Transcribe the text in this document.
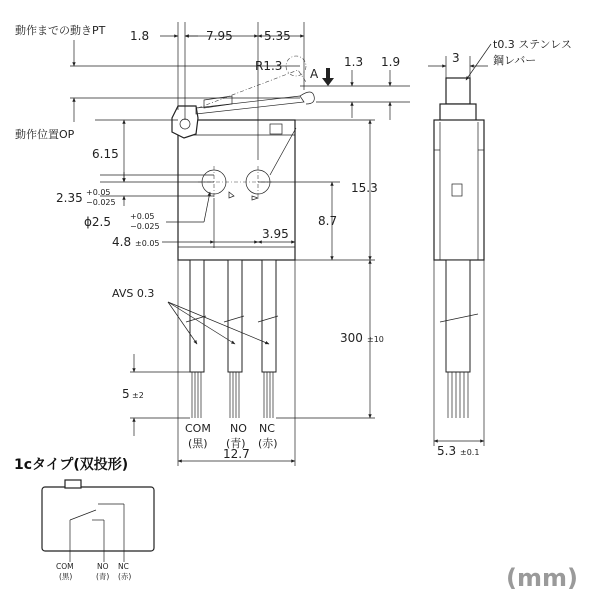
1.8	7.95	5.35
動作までの動きPT
R1.3
A
1.3 1.9
動作位置OP
6.15
2.35 +0.05
−0.025
ϕ2.5 +0.05
−0.025
4.8 ±0.05
3.95
15.3
8.7
300 ±10
AVS 0.3
5 ±2
COM NO NC
(黒) (青) (赤)
12.7
3
t0.3 ステンレス
鋼レバー
5.3 ±0.1
1cタイプ(双投形)
COM	NO NC
(黒)	(青) (赤)	(mm)
